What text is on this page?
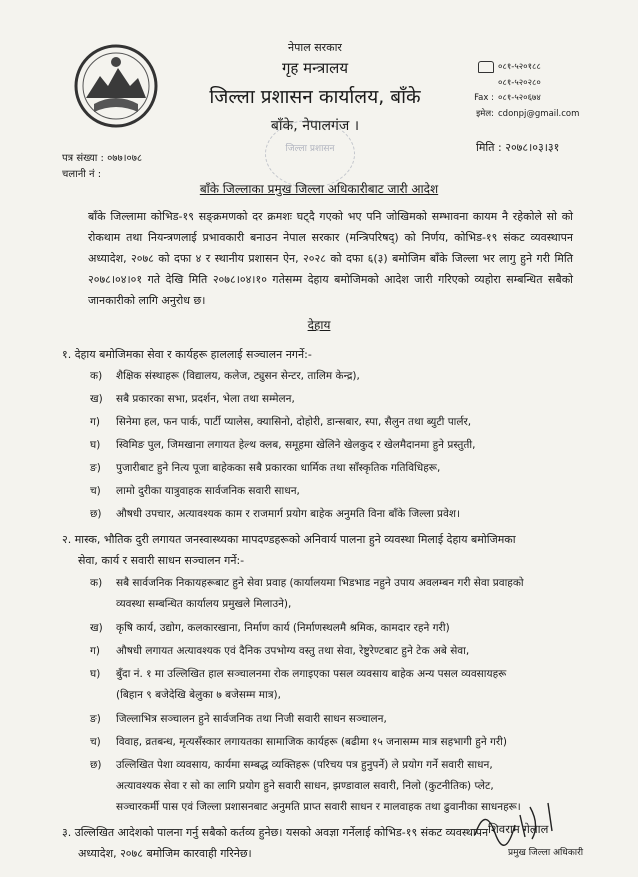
नेपाल सरकार
गृह मन्त्रालय
जिल्ला प्रशासन कार्यालय, बाँके
बाँके, नेपालगंज ।
०८१-५२०१८८
०८१-५२०२८०
Fax : ०८१-५२०६७४
इमेल: cdonpj@gmail.com
पत्र संख्या : ०७७।०७८
चलानी नं :
मिति : २०७८।०३।३१
जिल्ला प्रशासन
बाँके जिल्लाका प्रमुख जिल्ला अधिकारीबाट जारी आदेश
बाँके जिल्लामा कोभिड-१९ सङ्क्रमणको दर क्रमशः घट्दै गएको भए पनि जोखिमको सम्भावना कायम नै रहेकोले सो को रोकथाम तथा नियन्त्रणलाई प्रभावकारी बनाउन नेपाल सरकार (मन्त्रिपरिषद्) को निर्णय, कोभिड-१९ संकट व्यवस्थापन अध्यादेश, २०७८ को दफा ४ र स्थानीय प्रशासन ऐन, २०२८ को दफा ६(३) बमोजिम बाँके जिल्ला भर लागु हुने गरी मिति २०७८।०४।०१ गते देखि मिति २०७८।०४।१० गतेसम्म देहाय बमोजिमको आदेश जारी गरिएको व्यहोरा सम्बन्धित सबैको जानकारीको लागि अनुरोध छ।
देहाय
१. देहाय बमोजिमका सेवा र कार्यहरू हाललाई सञ्चालन नगर्ने:-
क) शैक्षिक संस्थाहरू (विद्यालय, कलेज, ट्युसन सेन्टर, तालिम केन्द्र),
ख) सबै प्रकारका सभा, प्रदर्शन, भेला तथा सम्मेलन,
ग) सिनेमा हल, फन पार्क, पार्टी प्यालेस, क्यासिनो, दोहोरी, डान्सबार, स्पा, सैलुन तथा ब्युटी पार्लर,
घ) स्विमिङ पुल, जिमखाना लगायत हेल्थ क्लब, समूहमा खेलिने खेलकुद र खेलमैदानमा हुने प्रस्तुती,
ङ) पुजारीबाट हुने नित्य पूजा बाहेकका सबै प्रकारका धार्मिक तथा साँस्कृतिक गतिविधिहरू,
च) लामो दुरीका यात्रुवाहक सार्वजनिक सवारी साधन,
छ) औषधी उपचार, अत्यावश्यक काम र राजमार्ग प्रयोग बाहेक अनुमति विना बाँके जिल्ला प्रवेश।
२. मास्क, भौतिक दुरी लगायत जनस्वास्थ्यका मापदण्डहरूको अनिवार्य पालना हुने व्यवस्था मिलाई देहाय बमोजिमका
सेवा, कार्य र सवारी साधन सञ्चालन गर्ने:-
क) सबै सार्वजनिक निकायहरूबाट हुने सेवा प्रवाह (कार्यालयमा भिडभाड नहुने उपाय अवलम्बन गरी सेवा प्रवाहको
व्यवस्था सम्बन्धित कार्यालय प्रमुखले मिलाउने),
ख) कृषि कार्य, उद्योग, कलकारखाना, निर्माण कार्य (निर्माणस्थलमै श्रमिक, कामदार रहने गरी)
ग) औषधी लगायत अत्यावश्यक एवं दैनिक उपभोग्य वस्तु तथा सेवा, रेष्टुरेण्टबाट हुने टेक अबे सेवा,
घ) बुँदा नं. १ मा उल्लिखित हाल सञ्चालनमा रोक लगाइएका पसल व्यवसाय बाहेक अन्य पसल व्यवसायहरू
(बिहान ९ बजेदेखि बेलुका ७ बजेसम्म मात्र),
ङ) जिल्लाभित्र सञ्चालन हुने सार्वजनिक तथा निजी सवारी साधन सञ्चालन,
च) विवाह, व्रतबन्ध, मृत्यसँस्कार लगायतका सामाजिक कार्यहरू (बढीमा १५ जनासम्म मात्र सहभागी हुने गरी)
छ) उल्लिखित पेशा व्यवसाय, कार्यमा सम्बद्ध व्यक्तिहरू (परिचय पत्र हुनुपर्ने) ले प्रयोग गर्ने सवारी साधन,
अत्यावश्यक सेवा र सो का लागि प्रयोग हुने सवारी साधन, झण्डावाल सवारी, निलो (कुटनीतिक) प्लेट,
सञ्चारकर्मी पास एवं जिल्ला प्रशासनबाट अनुमति प्राप्त सवारी साधन र मालवाहक तथा ढुवानीका साधनहरू।
३. उल्लिखित आदेशको पालना गर्नु सबैको कर्तव्य हुनेछ। यसको अवज्ञा गर्नेलाई कोभिड-१९ संकट व्यवस्थापन
अध्यादेश, २०७८ बमोजिम कारवाही गरिनेछ।
शिवराम गेलाल
प्रमुख जिल्ला अधिकारी
